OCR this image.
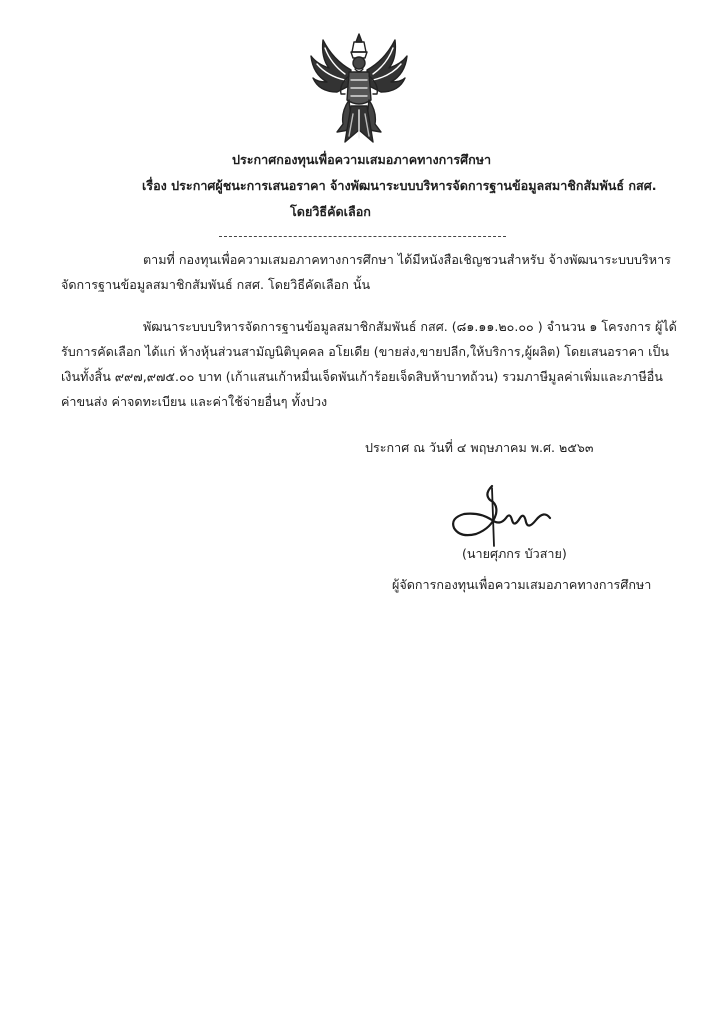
ประกาศกองทุนเพื่อความเสมอภาคทางการศึกษา
เรื่อง ประกาศผู้ชนะการเสนอราคา จ้างพัฒนาระบบบริหารจัดการฐานข้อมูลสมาชิกสัมพันธ์ กสศ.
โดยวิธีคัดเลือก
ตามที่ กองทุนเพื่อความเสมอภาคทางการศึกษา ได้มีหนังสือเชิญชวนสำหรับ จ้างพัฒนาระบบบริหาร
จัดการฐานข้อมูลสมาชิกสัมพันธ์ กสศ. โดยวิธีคัดเลือก นั้น
พัฒนาระบบบริหารจัดการฐานข้อมูลสมาชิกสัมพันธ์ กสศ. (๘๑.๑๑.๒๐.๐๐ ) จำนวน ๑ โครงการ ผู้ได้
รับการคัดเลือก ได้แก่ ห้างหุ้นส่วนสามัญนิติบุคคล อโยเดีย (ขายส่ง,ขายปลีก,ให้บริการ,ผู้ผลิต) โดยเสนอราคา เป็น
เงินทั้งสิ้น ๙๙๗,๙๗๕.๐๐ บาท (เก้าแสนเก้าหมื่นเจ็ดพันเก้าร้อยเจ็ดสิบห้าบาทถ้วน) รวมภาษีมูลค่าเพิ่มและภาษีอื่น
ค่าขนส่ง ค่าจดทะเบียน และค่าใช้จ่ายอื่นๆ ทั้งปวง
ประกาศ ณ วันที่ ๔ พฤษภาคม พ.ศ. ๒๕๖๓
(นายศุภกร บัวสาย)
ผู้จัดการกองทุนเพื่อความเสมอภาคทางการศึกษา
